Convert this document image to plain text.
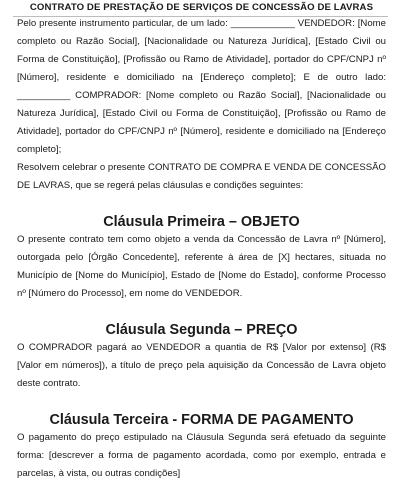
CONTRATO DE PRESTAÇÃO DE SERVIÇOS DE CONCESSÃO DE LAVRAS

Pelo presente instrumento particular, de um lado: ____________ VENDEDOR: [Nome completo ou Razão Social], [Nacionalidade ou Natureza Jurídica], [Estado Civil ou Forma de Constituição], [Profissão ou Ramo de Atividade], portador do CPF/CNPJ nº [Número], residente e domiciliado na [Endereço completo]; E de outro lado: __________ COMPRADOR: [Nome completo ou Razão Social], [Nacionalidade ou Natureza Jurídica], [Estado Civil ou Forma de Constituição], [Profissão ou Ramo de Atividade], portador do CPF/CNPJ nº [Número], residente e domiciliado na [Endereço completo];

Resolvem celebrar o presente CONTRATO DE COMPRA E VENDA DE CONCESSÃO DE LAVRAS, que se regerá pelas cláusulas e condições seguintes:

Cláusula Primeira – OBJETO

O presente contrato tem como objeto a venda da Concessão de Lavra nº [Número], outorgada pelo [Órgão Concedente], referente à área de [X] hectares, situada no Município de [Nome do Município], Estado de [Nome do Estado], conforme Processo nº [Número do Processo], em nome do VENDEDOR.

Cláusula Segunda – PREÇO

O COMPRADOR pagará ao VENDEDOR a quantia de R$ [Valor por extenso] (R$ [Valor em números]), a título de preço pela aquisição da Concessão de Lavra objeto deste contrato.

Cláusula Terceira - FORMA DE PAGAMENTO

O pagamento do preço estipulado na Cláusula Segunda será efetuado da seguinte forma: [descrever a forma de pagamento acordada, como por exemplo, entrada e parcelas, à vista, ou outras condições]
